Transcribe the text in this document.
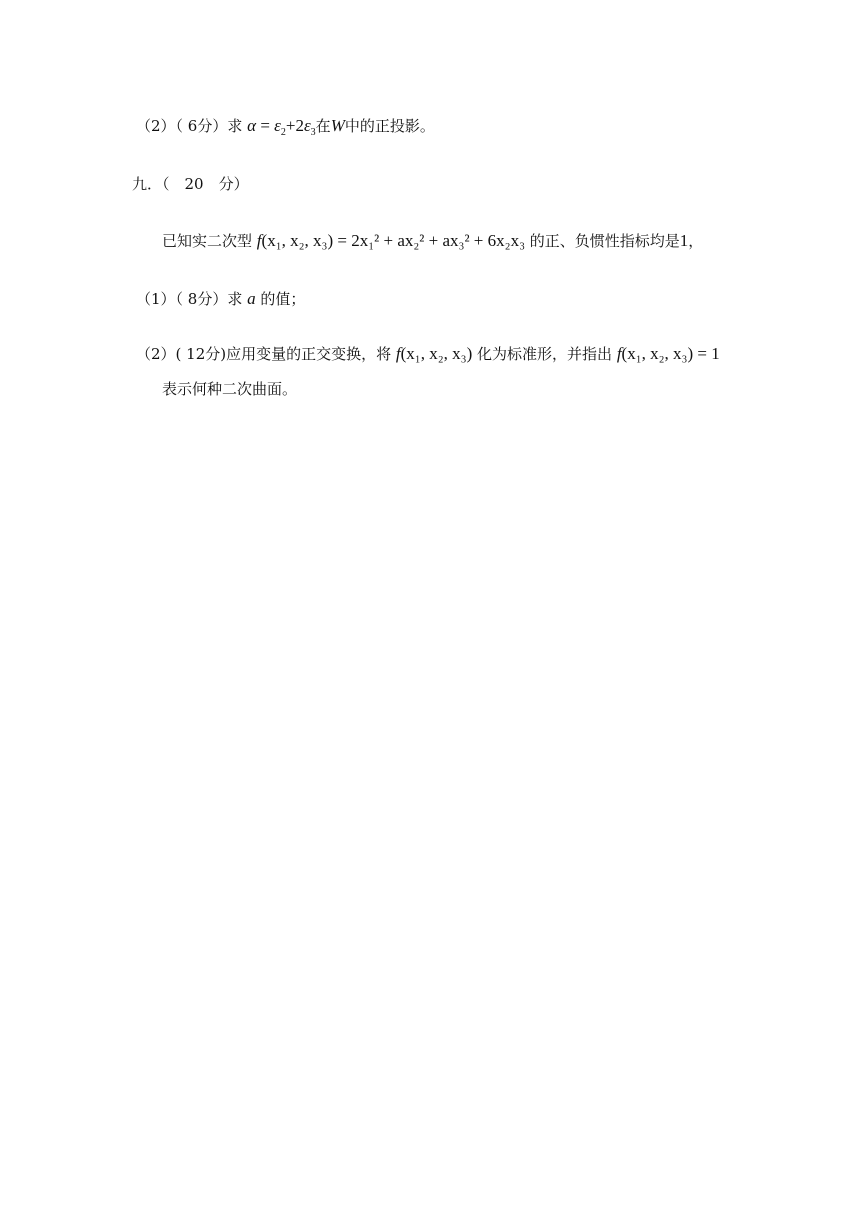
（2）（ 6分）求 $\alpha = \varepsilon_2+2\varepsilon_3$在W中的正投影。
九．（　20　分）
已知实二次型 f(x₁, x₂, x₃) = 2x₁² + ax₂² + ax₃² + 6x₂x₃ 的正、负惯性指标均是1，
（1）（ 8分）求 a 的值；
（2）( 12分)应用变量的正交变换，将 f(x₁, x₂, x₃) 化为标准形，并指出 f(x₁, x₂, x₃) = 1
表示何种二次曲面。
